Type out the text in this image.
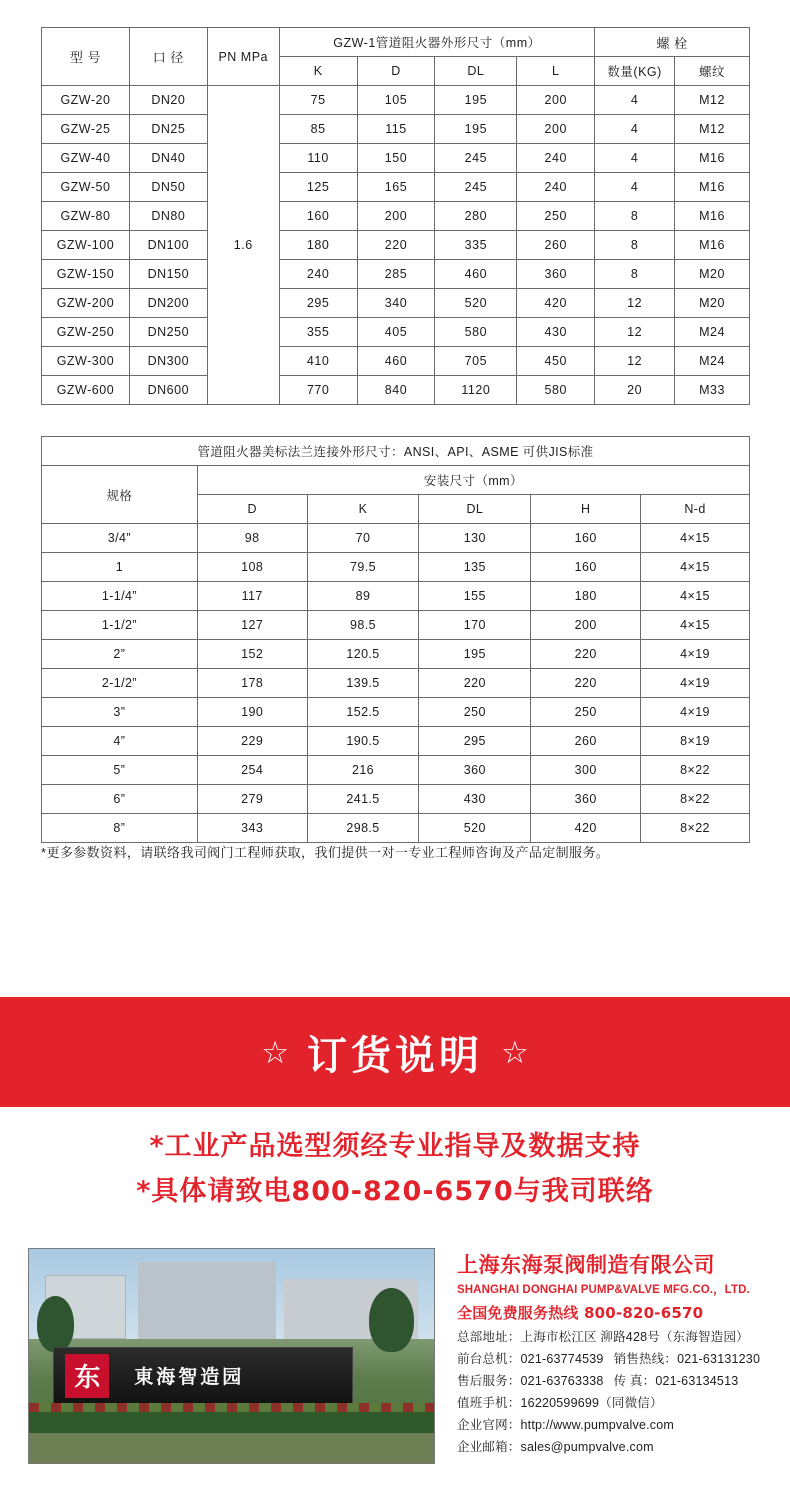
型 号	口 径	PN MPa	GZW-1管道阻火器外形尺寸（mm）				螺 栓	
			K	D	DL	L	数量(KG)	螺纹
GZW-20	DN20	1.6	75	105	195	200	4	M12
GZW-25	DN25		85	115	195	200	4	M12
GZW-40	DN40		110	150	245	240	4	M16
GZW-50	DN50		125	165	245	240	4	M16
GZW-80	DN80		160	200	280	250	8	M16
GZW-100	DN100		180	220	335	260	8	M16
GZW-150	DN150		240	285	460	360	8	M20
GZW-200	DN200		295	340	520	420	12	M20
GZW-250	DN250		355	405	580	430	12	M24
GZW-300	DN300		410	460	705	450	12	M24
GZW-600	DN600		770	840	1120	580	20	M33
管道阻火器美标法兰连接外形尺寸：ANSI、API、ASME 可供JIS标准					
规格	安装尺寸（mm）				
	D	K	DL	H	N-d
3/4”	98	70	130	160	4×15
1	108	79.5	135	160	4×15
1-1/4”	117	89	155	180	4×15
1-1/2”	127	98.5	170	200	4×15
2”	152	120.5	195	220	4×19
2-1/2”	178	139.5	220	220	4×19
3”	190	152.5	250	250	4×19
4”	229	190.5	295	260	8×19
5”	254	216	360	300	8×22
6”	279	241.5	430	360	8×22
8”	343	298.5	520	420	8×22
*更多参数资料，请联络我司阀门工程师获取，我们提供一对一专业工程师咨询及产品定制服务。
☆ 订货说明 ☆
*工业产品选型须经专业指导及数据支持
*具体请致电800-820-6570与我司联络
东	東海智造园
上海东海泵阀制造有限公司
SHANGHAI DONGHAI PUMP&VALVE MFG.CO.，LTD.
全国免费服务热线 800-820-6570
总部地址：上海市松江区 泖路428号（东海智造园）
前台总机：021-63774539 销售热线：021-63131230
售后服务：021-63763338 传 真：021-63134513
值班手机：16220599699（同微信）
企业官网：http://www.pumpvalve.com
企业邮箱：sales@pumpvalve.com
